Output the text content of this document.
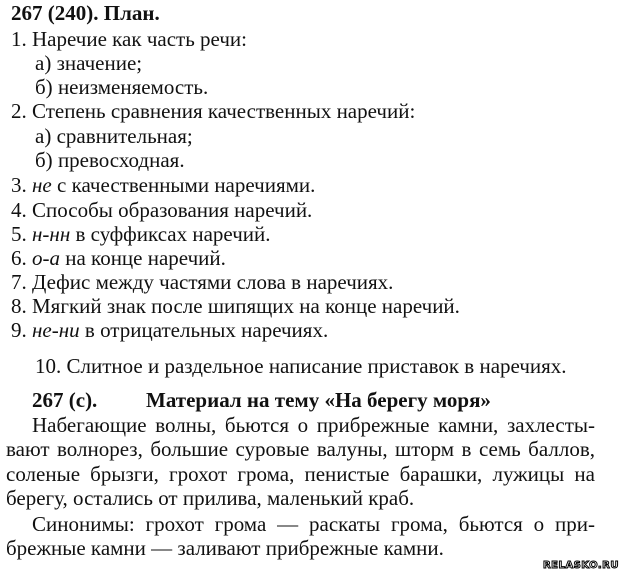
267 (240). План.
1. Наречие как часть речи:
а) значение;
б) неизменяемость.
2. Степень сравнения качественных наречий:
а) сравнительная;
б) превосходная.
3. не с качественными наречиями.
4. Способы образования наречий.
5. н-нн в суффиксах наречий.
6. о-а на конце наречий.
7. Дефис между частями слова в наречиях.
8. Мягкий знак после шипящих на конце наречий.
9. не-ни в отрицательных наречиях.
10. Слитное и раздельное написание приставок в наречиях.
267 (с). Материал на тему «На берегу моря»
Набегающие волны, бьются о прибрежные камни, захлесты-
вают волнорез, большие суровые валуны, шторм в семь баллов,
соленые брызги, грохот грома, пенистые барашки, лужицы на
берегу, остались от прилива, маленький краб.
Синонимы: грохот грома — раскаты грома, бьются о при-
брежные камни — заливают прибрежные камни.
RELASKO.RU
